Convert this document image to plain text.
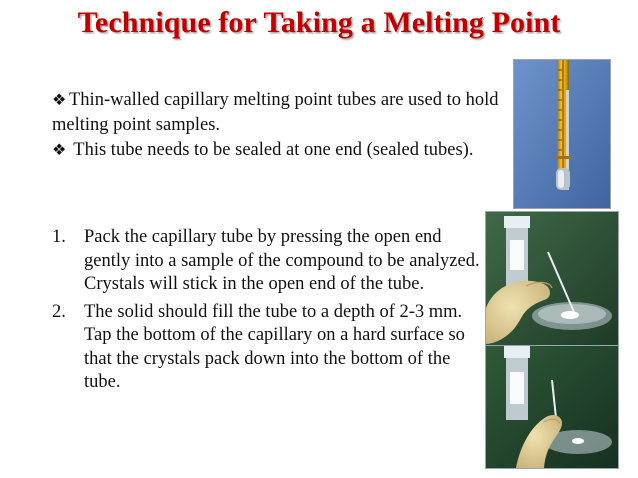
Technique for Taking a Melting Point

❖ Thin-walled capillary melting point tubes are used to hold melting point samples.

❖ This tube needs to be sealed at one end (sealed tubes).

1. Pack the capillary tube by pressing the open end gently into a sample of the compound to be analyzed. Crystals will stick in the open end of the tube.
2. The solid should fill the tube to a depth of 2-3 mm. Tap the bottom of the capillary on a hard surface so that the crystals pack down into the bottom of the tube.
